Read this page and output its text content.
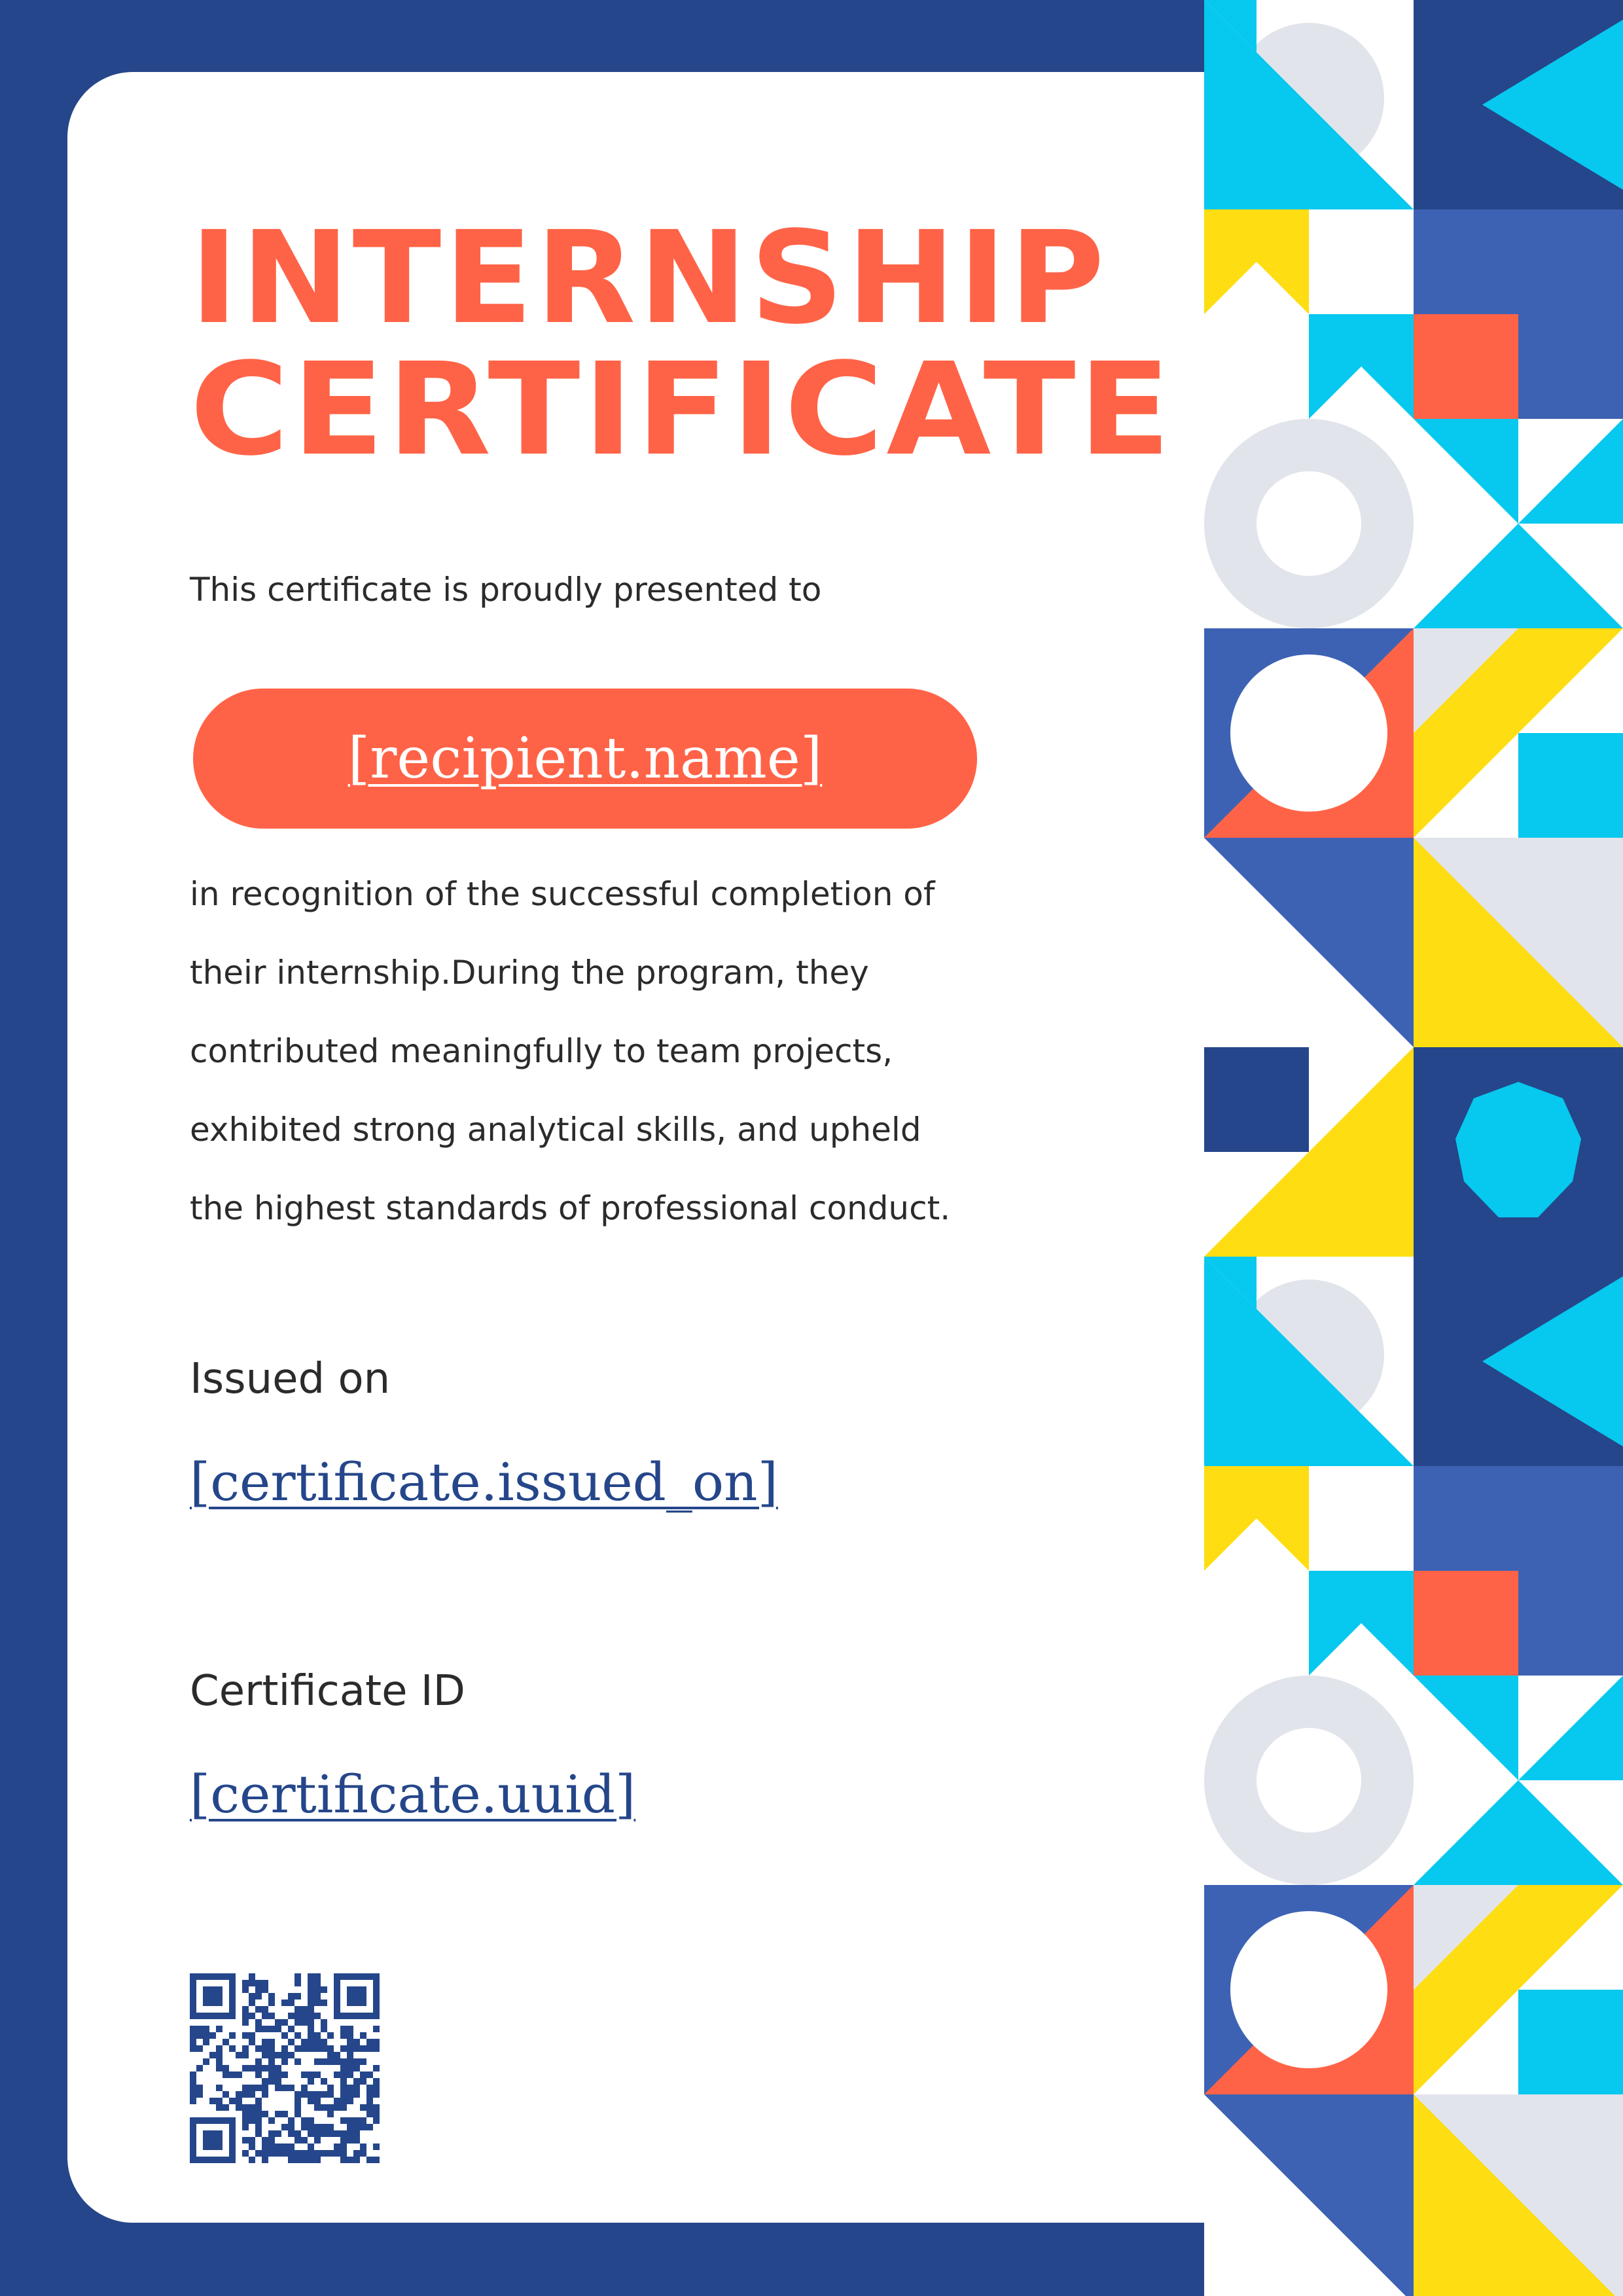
INTERNSHIP
CERTIFICATE

This certificate is proudly presented to

[recipient.name]

in recognition of the successful completion of

their internship.During the program, they

contributed meaningfully to team projects,

exhibited strong analytical skills, and upheld

the highest standards of professional conduct.

Issued on

[certificate.issued_on]

Certificate ID

[certificate.uuid]
